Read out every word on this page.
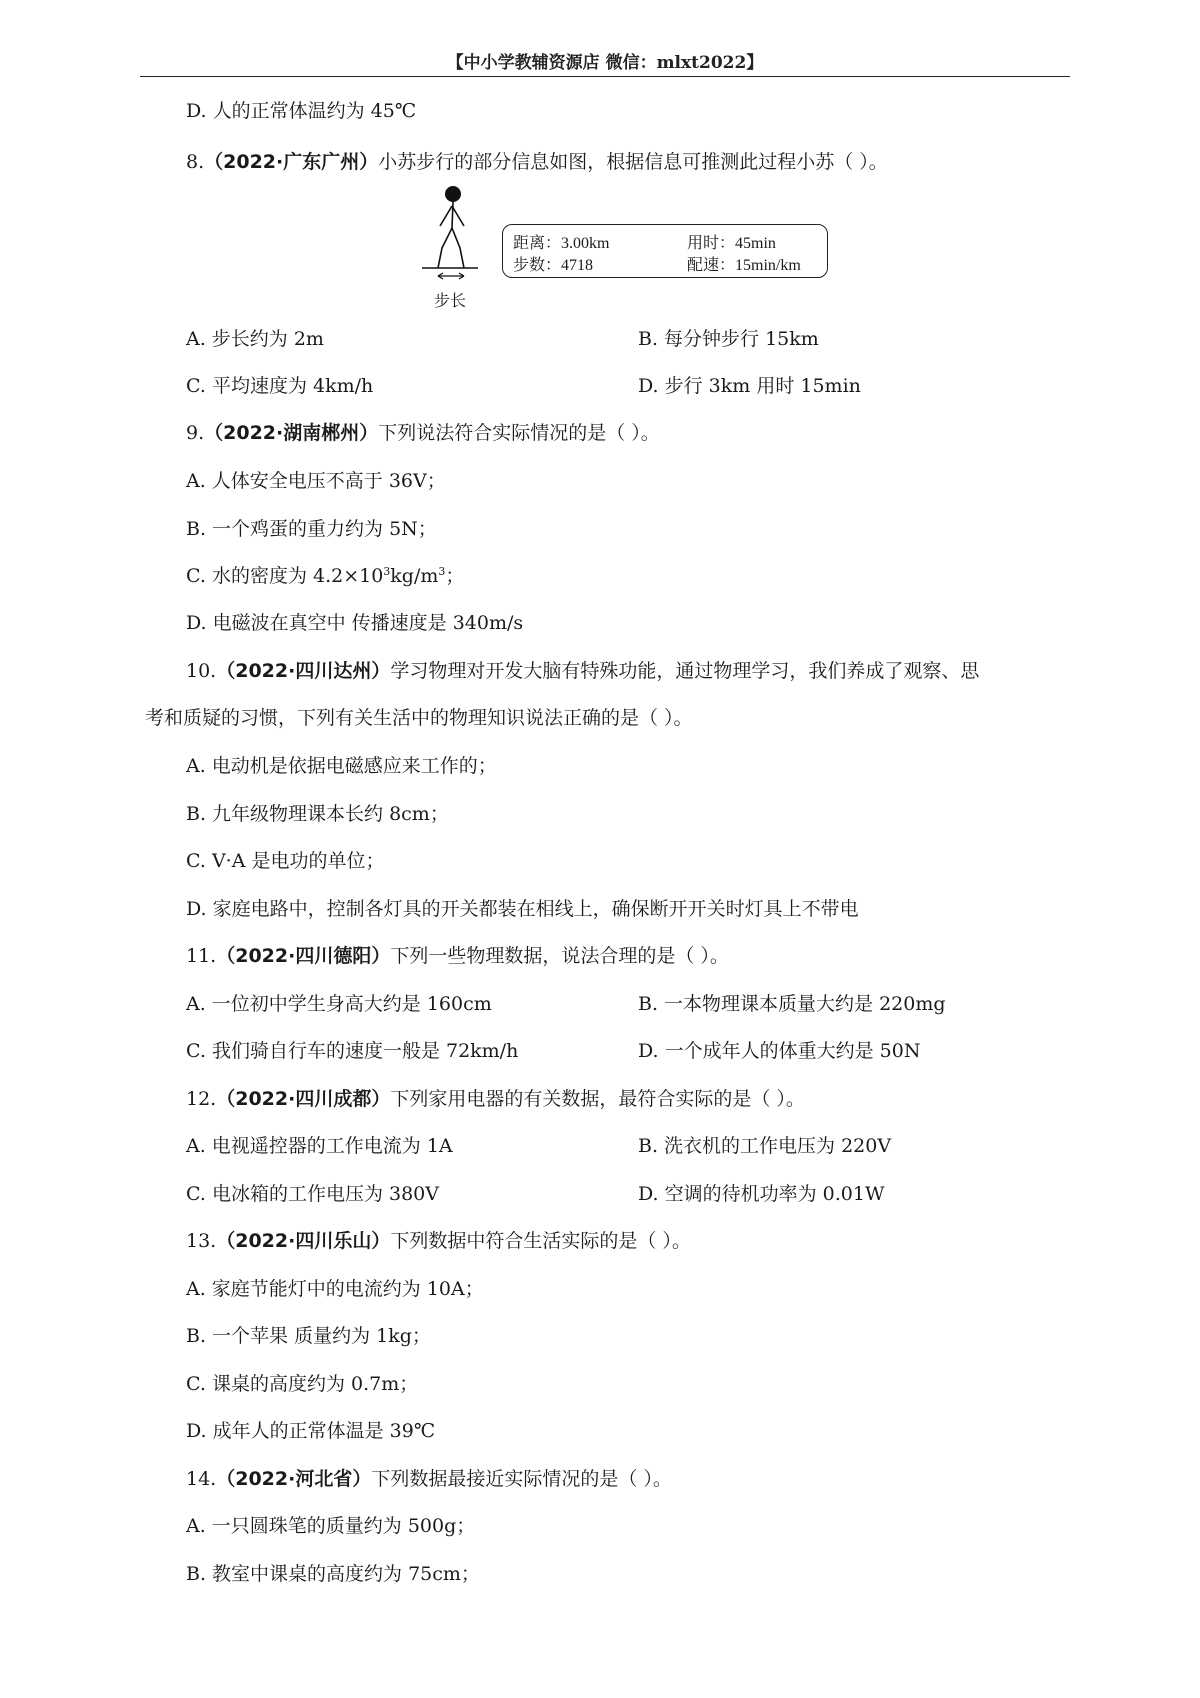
【中小学教辅资源店 微信：mlxt2022】
D. 人的正常体温约为 45℃
8.（2022·广东广州）小苏步行的部分信息如图，根据信息可推测此过程小苏（ ）。
步长
距离：3.00km
步数：4718
用时：45min
配速：15min/km
A. 步长约为 2m	B. 每分钟步行 15km
C. 平均速度为 4km/h	D. 步行 3km 用时 15min
9.（2022·湖南郴州）下列说法符合实际情况的是（ ）。
A. 人体安全电压不高于 36V；
B. 一个鸡蛋的重力约为 5N；
C. 水的密度为 $4.2\times 10^3kg/m^3$；
D. 电磁波在真空中 传播速度是 340m/s
10.（2022·四川达州）学习物理对开发大脑有特殊功能，通过物理学习，我们养成了观察、思
考和质疑的习惯，下列有关生活中的物理知识说法正确的是（ ）。
A. 电动机是依据电磁感应来工作的；
B. 九年级物理课本长约 8cm；
C. V·A 是电功的单位；
D. 家庭电路中，控制各灯具的开关都装在相线上，确保断开开关时灯具上不带电
11.（2022·四川德阳）下列一些物理数据，说法合理的是（ ）。
A. 一位初中学生身高大约是 160cm	B. 一本物理课本质量大约是 220mg
C. 我们骑自行车的速度一般是 72km/h	D. 一个成年人的体重大约是 50N
12.（2022·四川成都）下列家用电器的有关数据，最符合实际的是（ ）。
A. 电视遥控器的工作电流为 1A	B. 洗衣机的工作电压为 220V
C. 电冰箱的工作电压为 380V	D. 空调的待机功率为 0.01W
13.（2022·四川乐山）下列数据中符合生活实际的是（ ）。
A. 家庭节能灯中的电流约为 10A；
B. 一个苹果 质量约为 1kg；
C. 课桌的高度约为 0.7m；
D. 成年人的正常体温是 39℃
14.（2022·河北省）下列数据最接近实际情况的是（ ）。
A. 一只圆珠笔的质量约为 500g；
B. 教室中课桌的高度约为 75cm；
